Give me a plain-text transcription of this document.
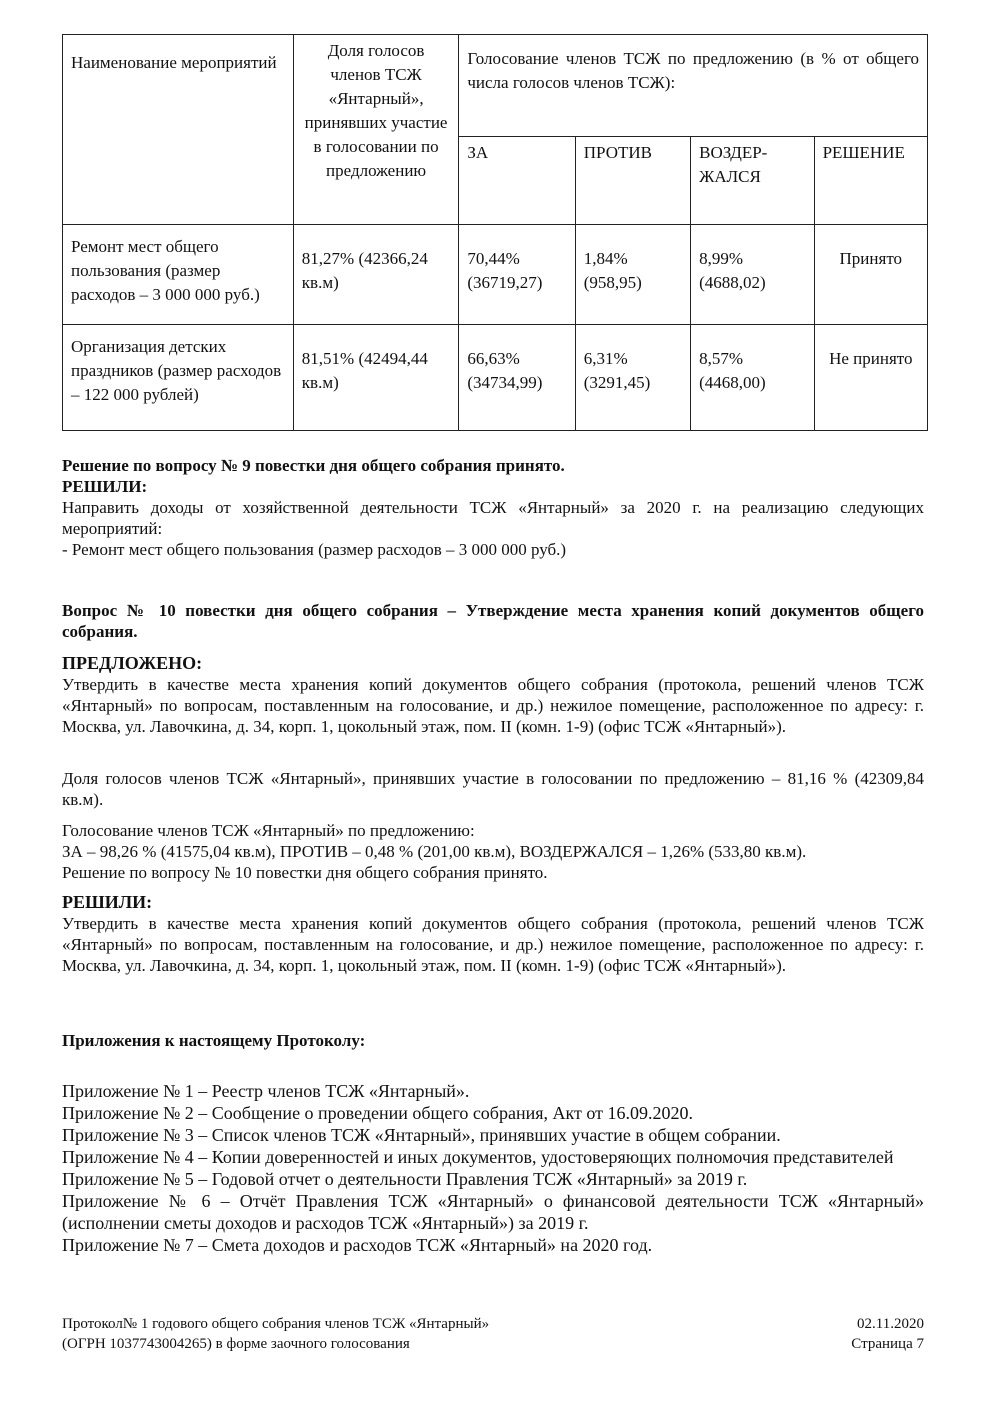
Наименование мероприятий	Доля голосов членов ТСЖ «Янтарный», принявших участие в голосовании по предложению	Голосование членов ТСЖ по предложению (в % от общего числа голосов членов ТСЖ):			
		ЗА	ПРОТИВ	ВОЗДЕР-ЖАЛСЯ	РЕШЕНИЕ
Ремонт мест общего пользования (размер расходов – 3 000 000 руб.)	81,27% (42366,24 кв.м)	70,44% (36719,27)	1,84% (958,95)	8,99% (4688,02)	Принято
Организация детских праздников (размер расходов – 122 000 рублей)	81,51% (42494,44 кв.м)	66,63% (34734,99)	6,31% (3291,45)	8,57% (4468,00)	Не принято

Решение по вопросу № 9 повестки дня общего собрания принято.

РЕШИЛИ:

Направить доходы от хозяйственной деятельности ТСЖ «Янтарный» за 2020 г. на реализацию следующих мероприятий:

- Ремонт мест общего пользования (размер расходов – 3 000 000 руб.)

Вопрос № 10 повестки дня общего собрания – Утверждение места хранения копий документов общего собрания.

ПРЕДЛОЖЕНО:

Утвердить в качестве места хранения копий документов общего собрания (протокола, решений членов ТСЖ «Янтарный» по вопросам, поставленным на голосование, и др.) нежилое помещение, расположенное по адресу: г. Москва, ул. Лавочкина, д. 34, корп. 1, цокольный этаж, пом. II (комн. 1-9) (офис ТСЖ «Янтарный»).

Доля голосов членов ТСЖ «Янтарный», принявших участие в голосовании по предложению – 81,16 % (42309,84 кв.м).

Голосование членов ТСЖ «Янтарный» по предложению:

ЗА – 98,26 % (41575,04 кв.м), ПРОТИВ – 0,48 % (201,00 кв.м), ВОЗДЕРЖАЛСЯ – 1,26% (533,80 кв.м).

Решение по вопросу № 10 повестки дня общего собрания принято.

РЕШИЛИ:

Утвердить в качестве места хранения копий документов общего собрания (протокола, решений членов ТСЖ «Янтарный» по вопросам, поставленным на голосование, и др.) нежилое помещение, расположенное по адресу: г. Москва, ул. Лавочкина, д. 34, корп. 1, цокольный этаж, пом. II (комн. 1-9) (офис ТСЖ «Янтарный»).

Приложения к настоящему Протоколу:

Приложение № 1 – Реестр членов ТСЖ «Янтарный».

Приложение № 2 – Сообщение о проведении общего собрания, Акт от 16.09.2020.

Приложение № 3 – Список членов ТСЖ «Янтарный», принявших участие в общем собрании.

Приложение № 4 – Копии доверенностей и иных документов, удостоверяющих полномочия представителей

Приложение № 5 – Годовой отчет о деятельности Правления ТСЖ «Янтарный» за 2019 г.

Приложение № 6 – Отчёт Правления ТСЖ «Янтарный» о финансовой деятельности ТСЖ «Янтарный» (исполнении сметы доходов и расходов ТСЖ «Янтарный») за 2019 г.

Приложение № 7 – Смета доходов и расходов ТСЖ «Янтарный» на 2020 год.

Протокол№ 1 годового общего собрания членов ТСЖ «Янтарный»
(ОГРН 1037743004265) в форме заочного голосования
02.11.2020
Страница 7
